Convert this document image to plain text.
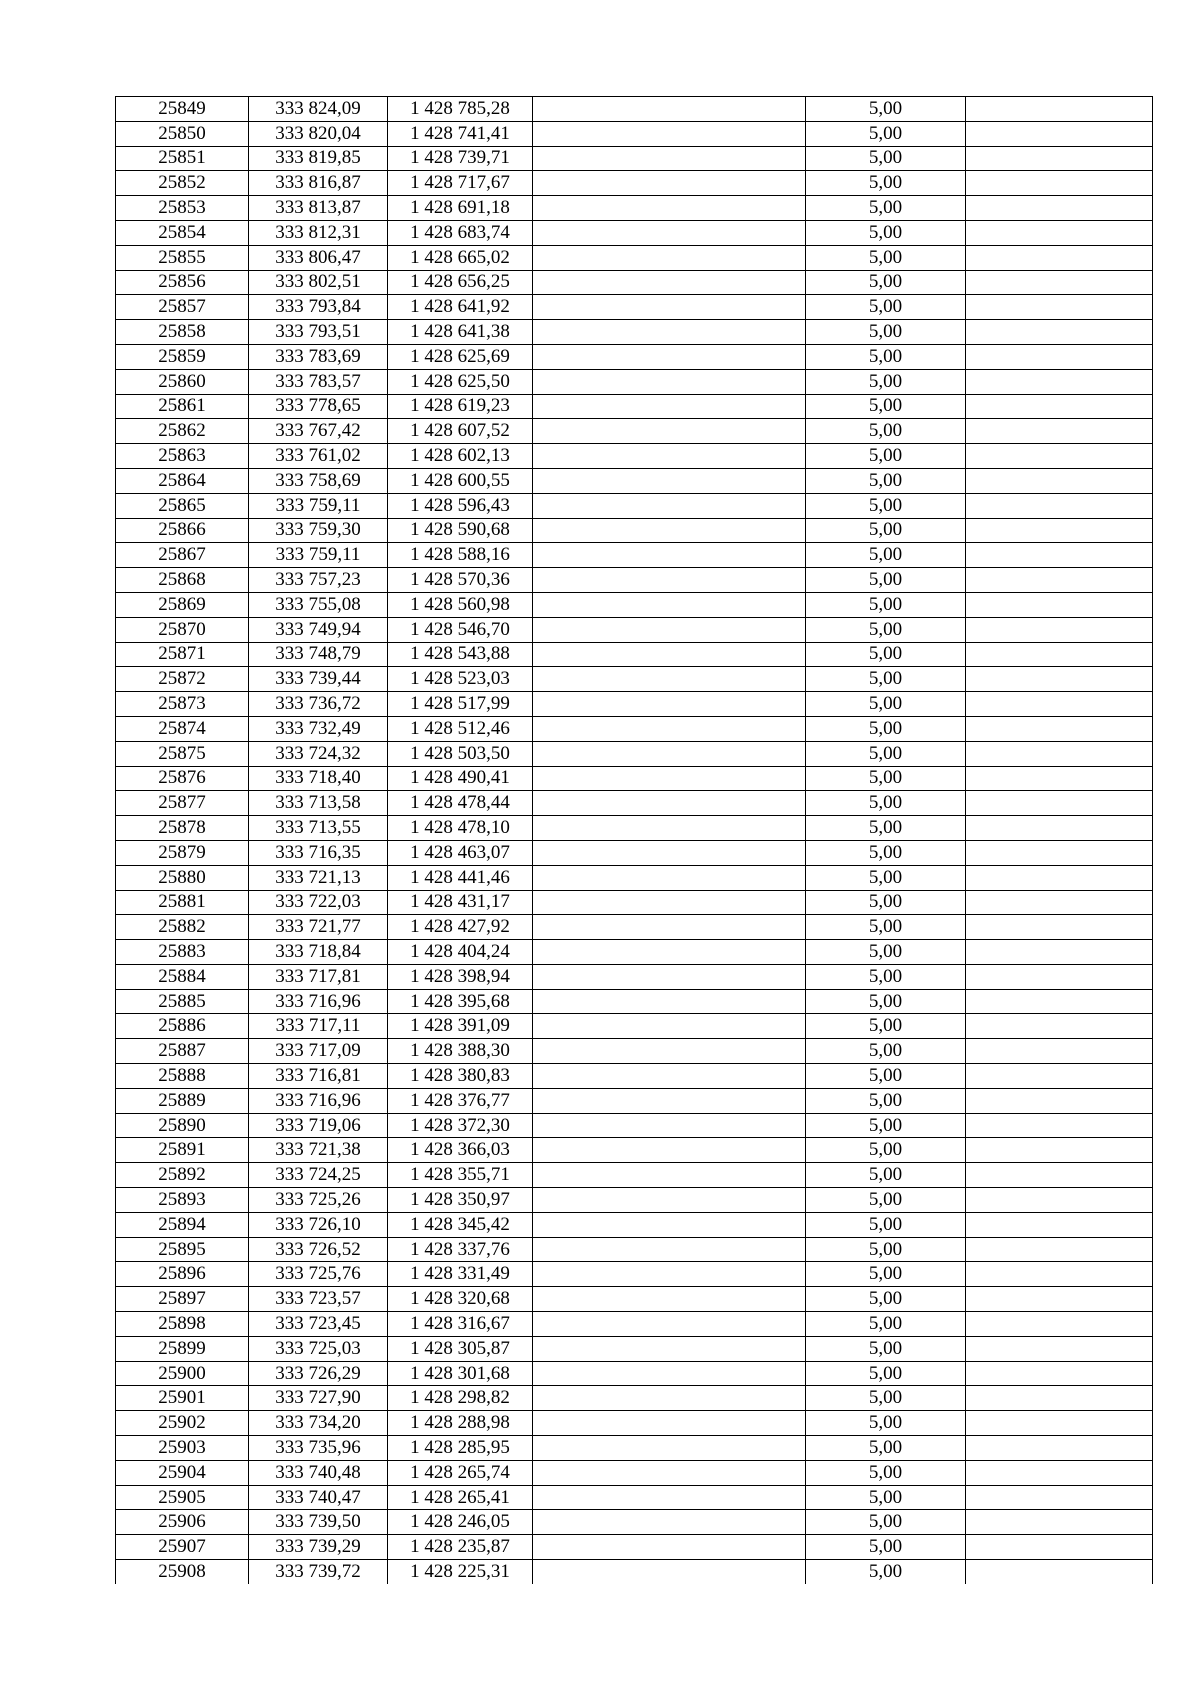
25849	333 824,09	1 428 785,28		5,00	
25850	333 820,04	1 428 741,41		5,00	
25851	333 819,85	1 428 739,71		5,00	
25852	333 816,87	1 428 717,67		5,00	
25853	333 813,87	1 428 691,18		5,00	
25854	333 812,31	1 428 683,74		5,00	
25855	333 806,47	1 428 665,02		5,00	
25856	333 802,51	1 428 656,25		5,00	
25857	333 793,84	1 428 641,92		5,00	
25858	333 793,51	1 428 641,38		5,00	
25859	333 783,69	1 428 625,69		5,00	
25860	333 783,57	1 428 625,50		5,00	
25861	333 778,65	1 428 619,23		5,00	
25862	333 767,42	1 428 607,52		5,00	
25863	333 761,02	1 428 602,13		5,00	
25864	333 758,69	1 428 600,55		5,00	
25865	333 759,11	1 428 596,43		5,00	
25866	333 759,30	1 428 590,68		5,00	
25867	333 759,11	1 428 588,16		5,00	
25868	333 757,23	1 428 570,36		5,00	
25869	333 755,08	1 428 560,98		5,00	
25870	333 749,94	1 428 546,70		5,00	
25871	333 748,79	1 428 543,88		5,00	
25872	333 739,44	1 428 523,03		5,00	
25873	333 736,72	1 428 517,99		5,00	
25874	333 732,49	1 428 512,46		5,00	
25875	333 724,32	1 428 503,50		5,00	
25876	333 718,40	1 428 490,41		5,00	
25877	333 713,58	1 428 478,44		5,00	
25878	333 713,55	1 428 478,10		5,00	
25879	333 716,35	1 428 463,07		5,00	
25880	333 721,13	1 428 441,46		5,00	
25881	333 722,03	1 428 431,17		5,00	
25882	333 721,77	1 428 427,92		5,00	
25883	333 718,84	1 428 404,24		5,00	
25884	333 717,81	1 428 398,94		5,00	
25885	333 716,96	1 428 395,68		5,00	
25886	333 717,11	1 428 391,09		5,00	
25887	333 717,09	1 428 388,30		5,00	
25888	333 716,81	1 428 380,83		5,00	
25889	333 716,96	1 428 376,77		5,00	
25890	333 719,06	1 428 372,30		5,00	
25891	333 721,38	1 428 366,03		5,00	
25892	333 724,25	1 428 355,71		5,00	
25893	333 725,26	1 428 350,97		5,00	
25894	333 726,10	1 428 345,42		5,00	
25895	333 726,52	1 428 337,76		5,00	
25896	333 725,76	1 428 331,49		5,00	
25897	333 723,57	1 428 320,68		5,00	
25898	333 723,45	1 428 316,67		5,00	
25899	333 725,03	1 428 305,87		5,00	
25900	333 726,29	1 428 301,68		5,00	
25901	333 727,90	1 428 298,82		5,00	
25902	333 734,20	1 428 288,98		5,00	
25903	333 735,96	1 428 285,95		5,00	
25904	333 740,48	1 428 265,74		5,00	
25905	333 740,47	1 428 265,41		5,00	
25906	333 739,50	1 428 246,05		5,00	
25907	333 739,29	1 428 235,87		5,00	
25908	333 739,72	1 428 225,31		5,00	
